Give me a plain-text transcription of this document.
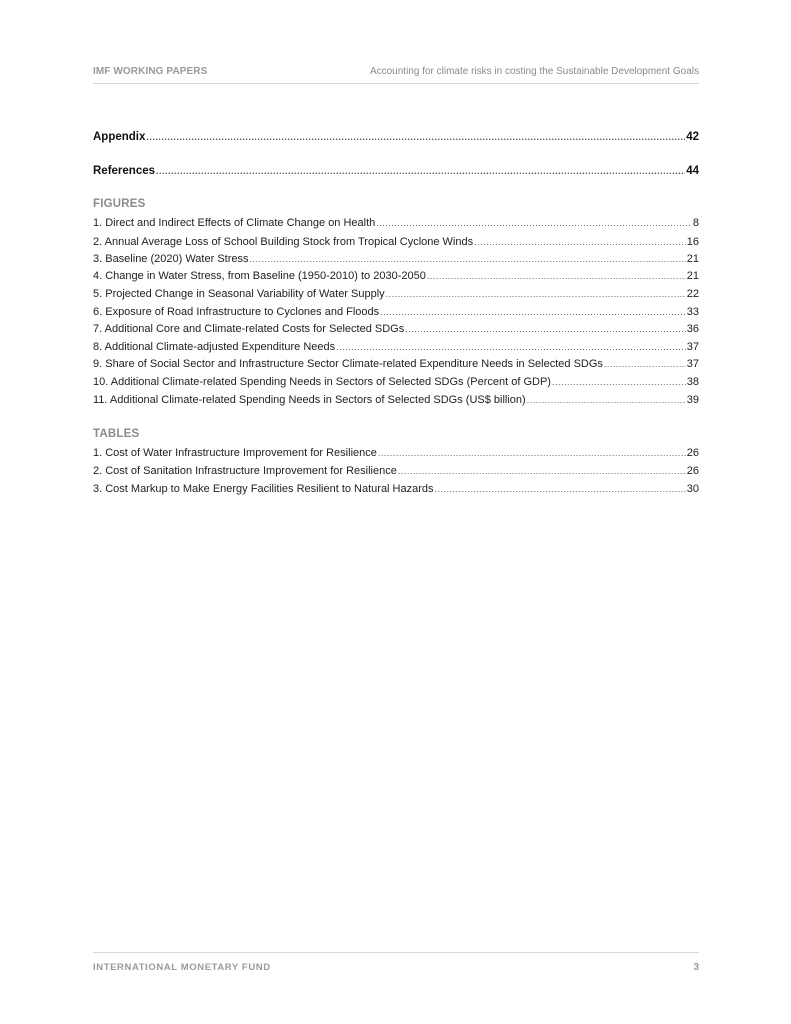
IMF WORKING PAPERS	Accounting for climate risks in costing the Sustainable Development Goals
Appendix .....	42
References .....	44
FIGURES
1. Direct and Indirect Effects of Climate Change on Health .....	8
2. Annual Average Loss of School Building Stock from Tropical Cyclone Winds .....	16
3. Baseline (2020) Water Stress .....	21
4. Change in Water Stress, from Baseline (1950-2010) to 2030-2050 .....	21
5. Projected Change in Seasonal Variability of Water Supply .....	22
6. Exposure of Road Infrastructure to Cyclones and Floods .....	33
7. Additional Core and Climate-related Costs for Selected SDGs .....	36
8. Additional Climate-adjusted Expenditure Needs .....	37
9. Share of Social Sector and Infrastructure Sector Climate-related Expenditure Needs in Selected SDGs .....	37
10. Additional Climate-related Spending Needs in Sectors of Selected SDGs (Percent of GDP) .....	38
11. Additional Climate-related Spending Needs in Sectors of Selected SDGs (US$ billion) .....	39
TABLES
1. Cost of Water Infrastructure Improvement for Resilience .....	26
2. Cost of Sanitation Infrastructure Improvement for Resilience .....	26
3. Cost Markup to Make Energy Facilities Resilient to Natural Hazards .....	30
INTERNATIONAL MONETARY FUND	3
